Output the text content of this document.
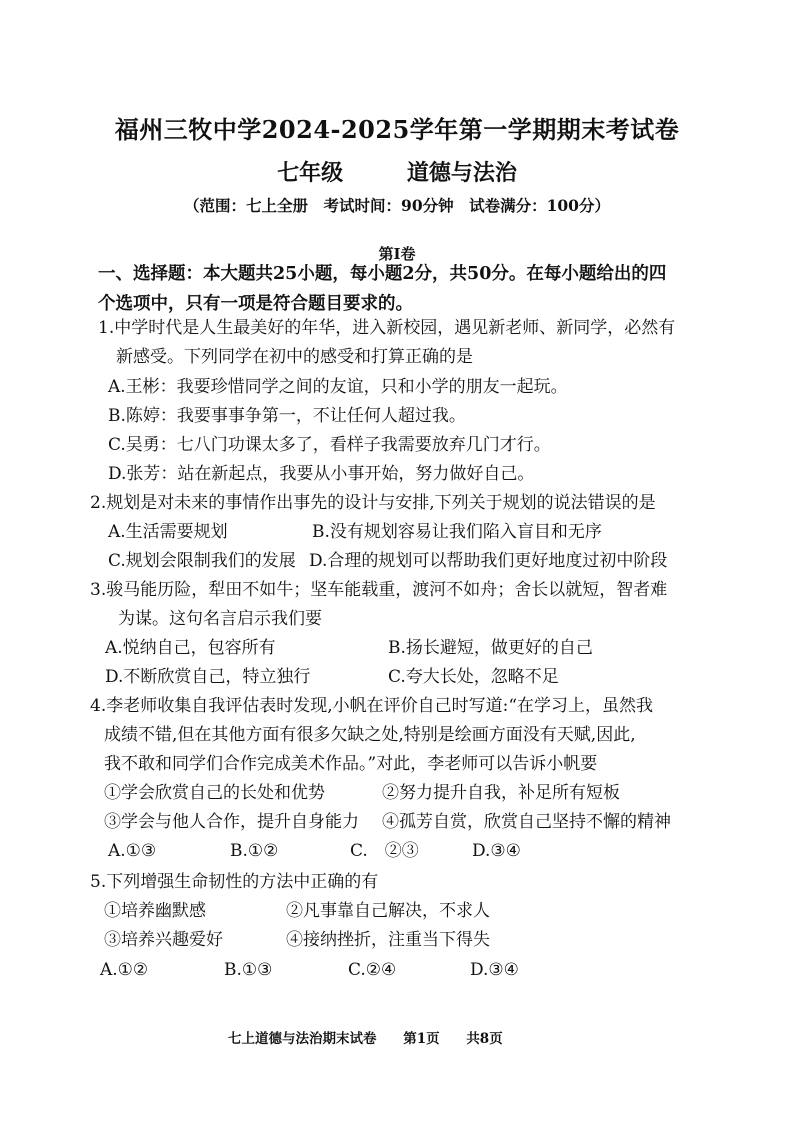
福州三牧中学2024-2025学年第一学期期末考试卷
七年级	道德与法治
（范围：七上全册　考试时间：90分钟　试卷满分：100分）
第Ⅰ卷
一、选择题：本大题共25小题，每小题2分，共50分。在每小题给出的四
个选项中，只有一项是符合题目要求的。
1.中学时代是人生最美好的年华，进入新校园，遇见新老师、新同学，必然有
新感受。下列同学在初中的感受和打算正确的是
A.王彬：我要珍惜同学之间的友谊，只和小学的朋友一起玩。
B.陈婷：我要事事争第一，不让任何人超过我。
C.吴勇：七八门功课太多了，看样子我需要放弃几门才行。
D.张芳：站在新起点，我要从小事开始，努力做好自己。
2.规划是对未来的事情作出事先的设计与安排,下列关于规划的说法错误的是
A.生活需要规划	B.没有规划容易让我们陷入盲目和无序
C.规划会限制我们的发展 D.合理的规划可以帮助我们更好地度过初中阶段
3.骏马能历险，犁田不如牛；坚车能载重，渡河不如舟；舍长以就短，智者难
为谋。这句名言启示我们要
A.悦纳自己，包容所有	B.扬长避短，做更好的自己
D.不断欣赏自己，特立独行	C.夸大长处，忽略不足
4.李老师收集自我评估表时发现,小帆在评价自己时写道:“在学习上，虽然我
成绩不错,但在其他方面有很多欠缺之处,特别是绘画方面没有天赋,因此,
我不敢和同学们合作完成美术作品。”对此，李老师可以告诉小帆要
①学会欣赏自己的长处和优势	②努力提升自我，补足所有短板
③学会与他人合作，提升自身能力 ④孤芳自赏，欣赏自己坚持不懈的精神
A.①③	B.①②	C.　②③	D.③④
5.下列增强生命韧性的方法中正确的有
①培养幽默感	②凡事靠自己解决，不求人
③培养兴趣爱好	④接纳挫折，注重当下得失
A.①②	B.①③	C.②④	D.③④
七上道德与法治期末试卷 第1页 共8页
